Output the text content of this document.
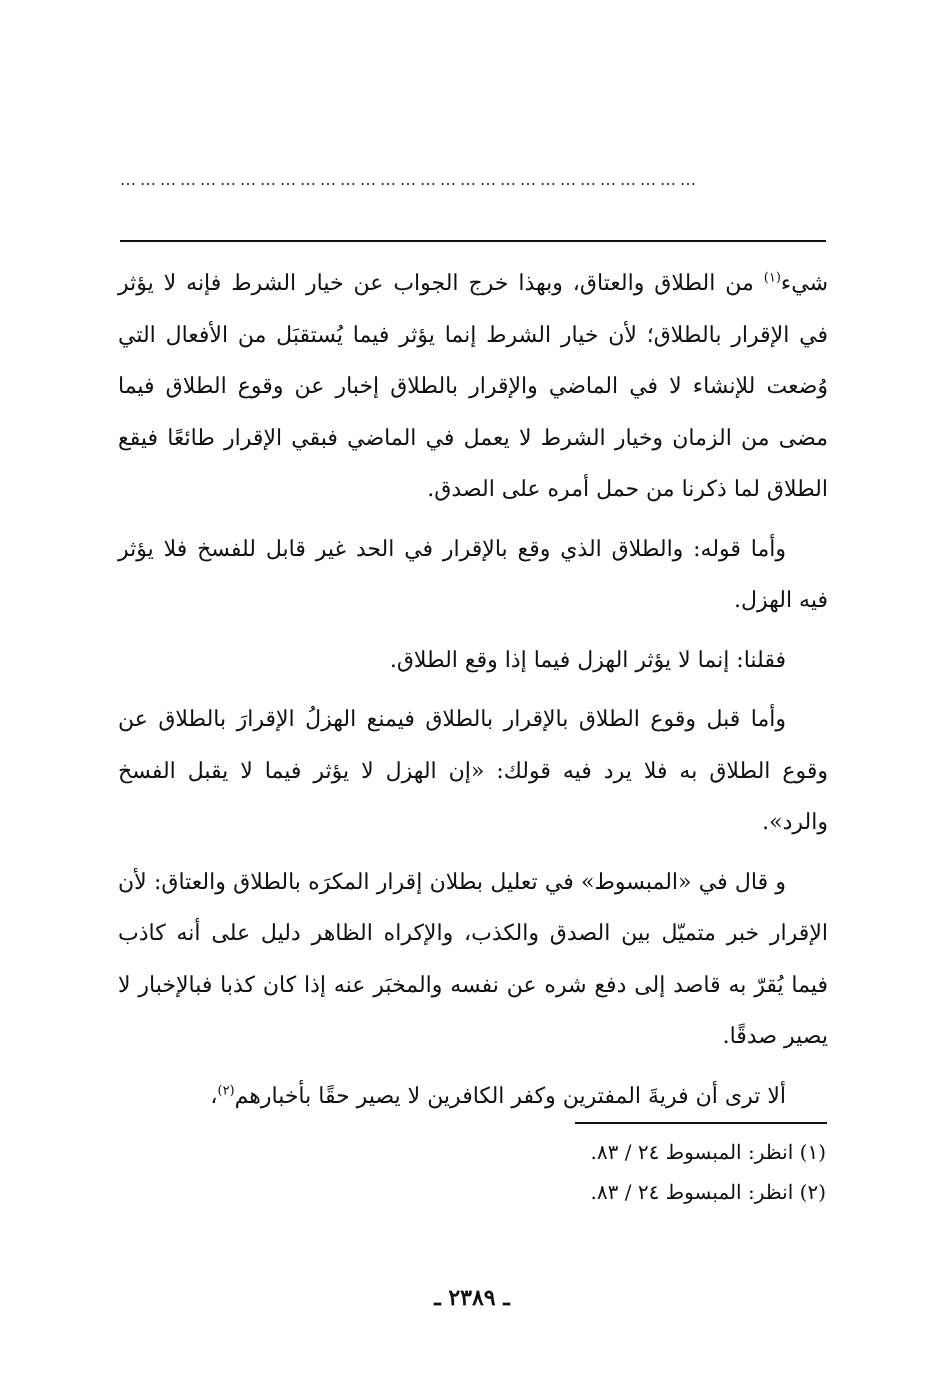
……………………………………………………………………………

شيء$^{(١)}$ من الطلاق والعتاق، وبهذا خرج الجواب عن خيار الشرط فإنه لا يؤثر في الإقرار بالطلاق؛ لأن خيار الشرط إنما يؤثر فيما يُستقبَل من الأفعال التي وُضعت للإنشاء لا في الماضي والإقرار بالطلاق إخبار عن وقوع الطلاق فيما مضى من الزمان وخيار الشرط لا يعمل في الماضي فبقي الإقرار طائعًا فيقع الطلاق لما ذكرنا من حمل أمره على الصدق.

وأما قوله: والطلاق الذي وقع بالإقرار في الحد غير قابل للفسخ فلا يؤثر فيه الهزل.

فقلنا: إنما لا يؤثر الهزل فيما إذا وقع الطلاق.

وأما قبل وقوع الطلاق بالإقرار بالطلاق فيمنع الهزلُ الإقرارَ بالطلاق عن وقوع الطلاق به فلا يرد فيه قولك: «إن الهزل لا يؤثر فيما لا يقبل الفسخ والرد».

و قال في «المبسوط» في تعليل بطلان إقرار المكرَه بالطلاق والعتاق: لأن الإقرار خبر متميّل بين الصدق والكذب، والإكراه الظاهر دليل على أنه كاذب فيما يُقرّ به قاصد إلى دفع شره عن نفسه والمخبَر عنه إذا كان كذبا فبالإخبار لا يصير صدقًا.

ألا ترى أن فريةَ المفترين وكفر الكافرين لا يصير حقًا بأخبارهم$^{(٢)}$،

(١) انظر: المبسوط ٢٤ / ٨٣.
(٢) انظر: المبسوط ٢٤ / ٨٣.
ـ ٢٣٨٩ ـ
